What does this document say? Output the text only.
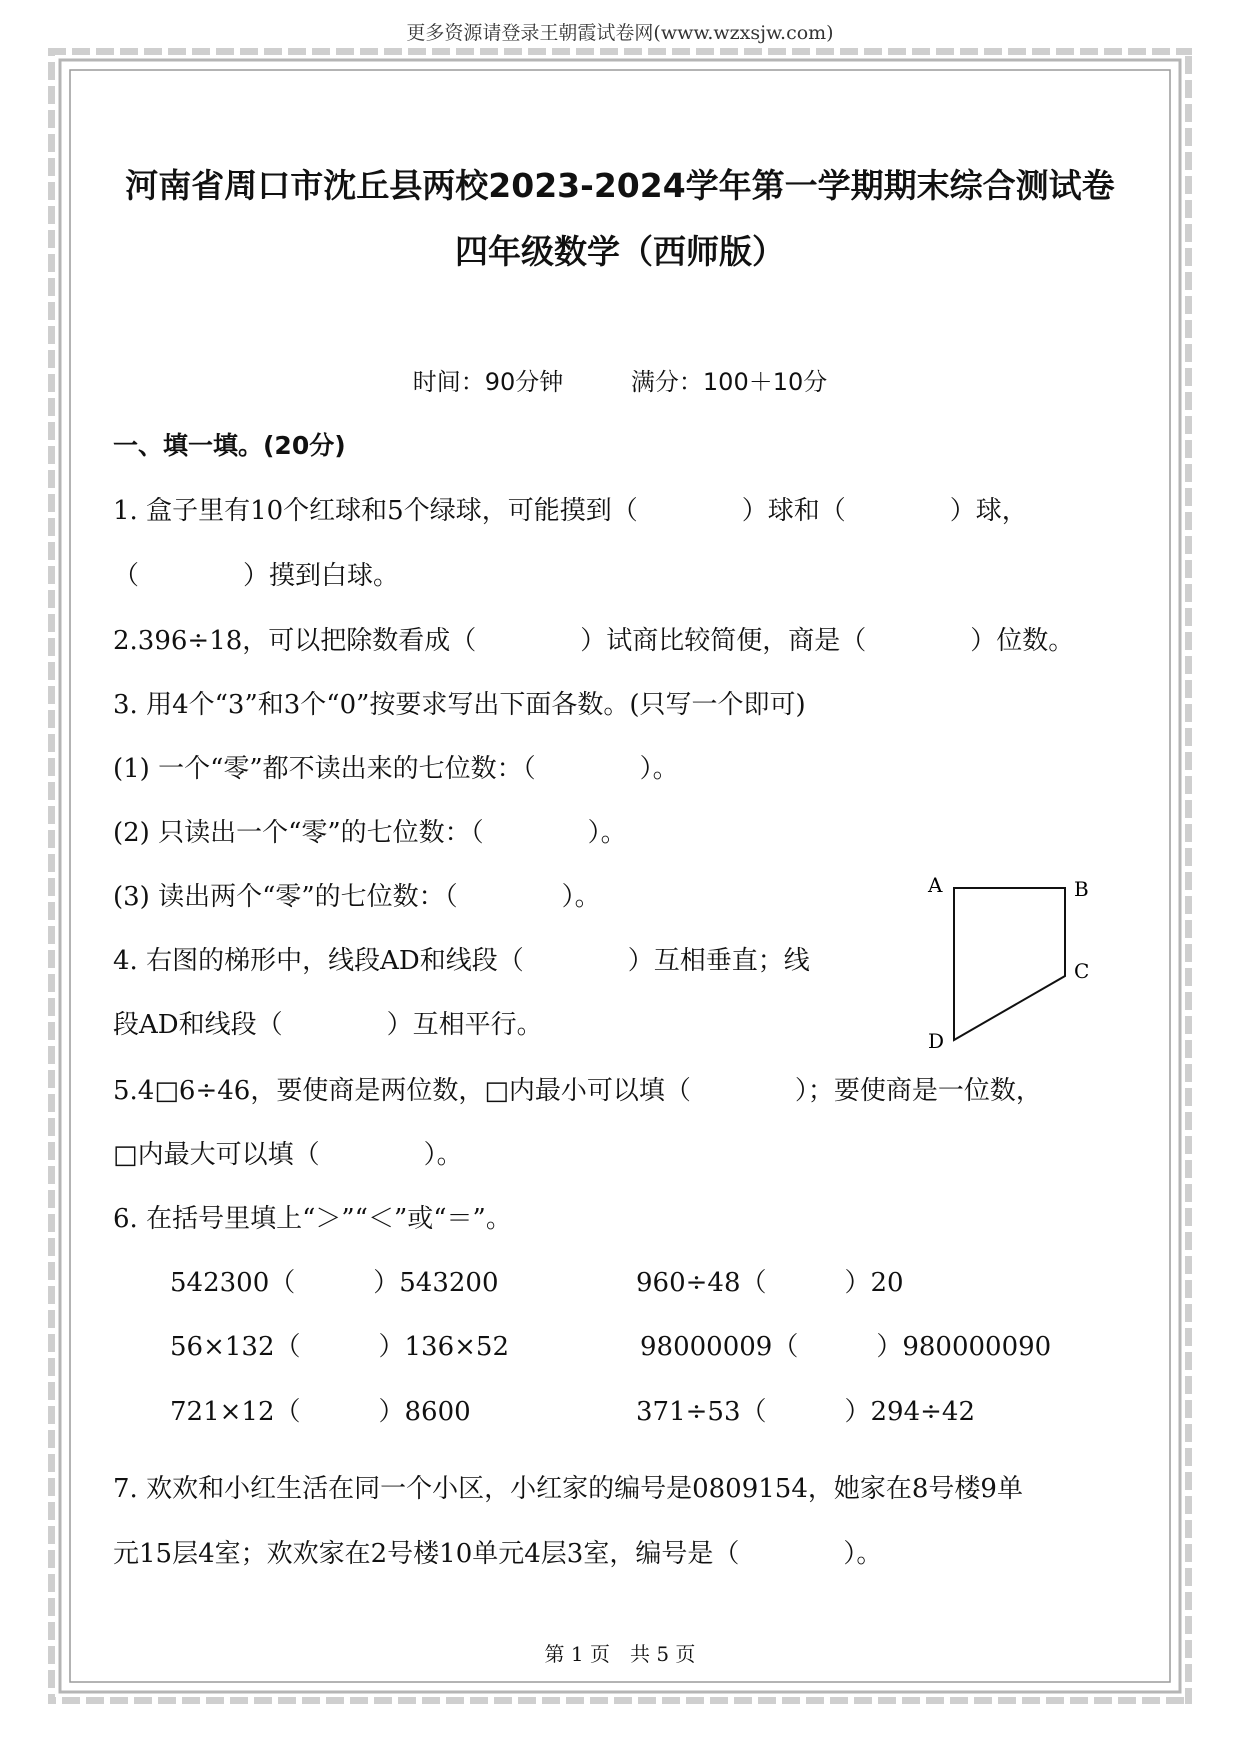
更多资源请登录王朝霞试卷网(www.wzxsjw.com)
河南省周口市沈丘县两校2023-2024学年第一学期期末综合测试卷
四年级数学（西师版）
时间：90分钟	满分：100＋10分
一、填一填。(20分)
1. 盒子里有10个红球和5个绿球，可能摸到（　　　　）球和（　　　　）球，
（　　　　）摸到白球。
2.396÷18，可以把除数看成（　　　　）试商比较简便，商是（　　　　）位数。
3. 用4个“3”和3个“0”按要求写出下面各数。(只写一个即可)
(1) 一个“零”都不读出来的七位数：（　　　　）。
(2) 只读出一个“零”的七位数：（　　　　）。
(3) 读出两个“零”的七位数：（　　　　）。
4. 右图的梯形中，线段AD和线段（　　　　）互相垂直；线
段AD和线段（　　　　）互相平行。
A	B
C
D
5.4□6÷46，要使商是两位数，□内最小可以填（　　　　）；要使商是一位数，
□内最大可以填（　　　　）。
6. 在括号里填上“＞”“＜”或“＝”。
542300（　　　）543200	960÷48（　　　）20
56×132（　　　）136×52	98000009（　　　）980000090
721×12（　　　）8600	371÷53（　　　）294÷42
7. 欢欢和小红生活在同一个小区，小红家的编号是0809154，她家在8号楼9单
元15层4室；欢欢家在2号楼10单元4层3室，编号是（　　　　）。
第 1 页　共 5 页
